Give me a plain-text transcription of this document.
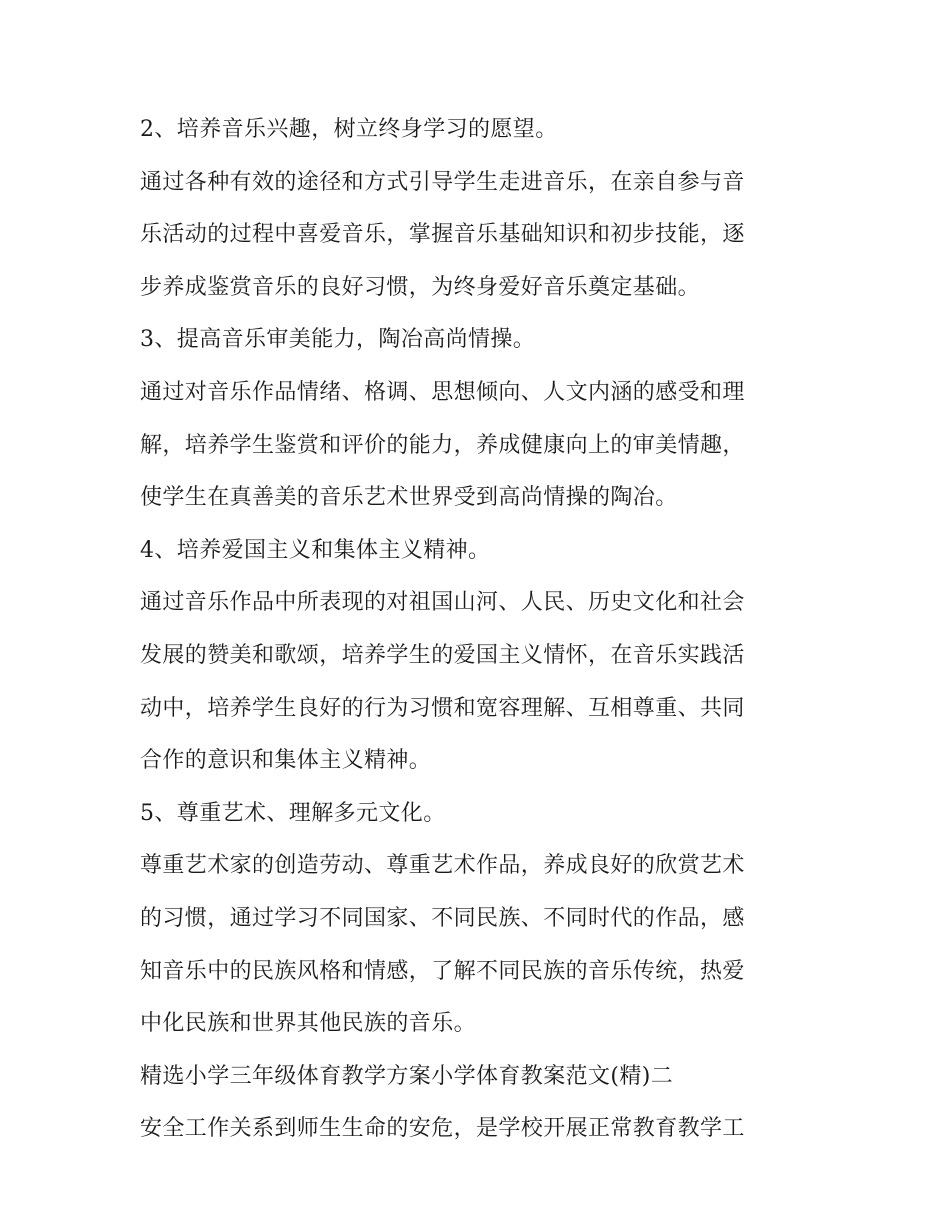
2、培养音乐兴趣，树立终身学习的愿望。
通过各种有效的途径和方式引导学生走进音乐，在亲自参与音
乐活动的过程中喜爱音乐，掌握音乐基础知识和初步技能，逐
步养成鉴赏音乐的良好习惯，为终身爱好音乐奠定基础。
3、提高音乐审美能力，陶冶高尚情操。
通过对音乐作品情绪、格调、思想倾向、人文内涵的感受和理
解，培养学生鉴赏和评价的能力，养成健康向上的审美情趣，
使学生在真善美的音乐艺术世界受到高尚情操的陶冶。
4、培养爱国主义和集体主义精神。
通过音乐作品中所表现的对祖国山河、人民、历史文化和社会
发展的赞美和歌颂，培养学生的爱国主义情怀，在音乐实践活
动中，培养学生良好的行为习惯和宽容理解、互相尊重、共同
合作的意识和集体主义精神。
5、尊重艺术、理解多元文化。
尊重艺术家的创造劳动、尊重艺术作品，养成良好的欣赏艺术
的习惯，通过学习不同国家、不同民族、不同时代的作品，感
知音乐中的民族风格和情感，了解不同民族的音乐传统，热爱
中化民族和世界其他民族的音乐。
精选小学三年级体育教学方案小学体育教案范文(精)二
安全工作关系到师生生命的安危，是学校开展正常教育教学工
